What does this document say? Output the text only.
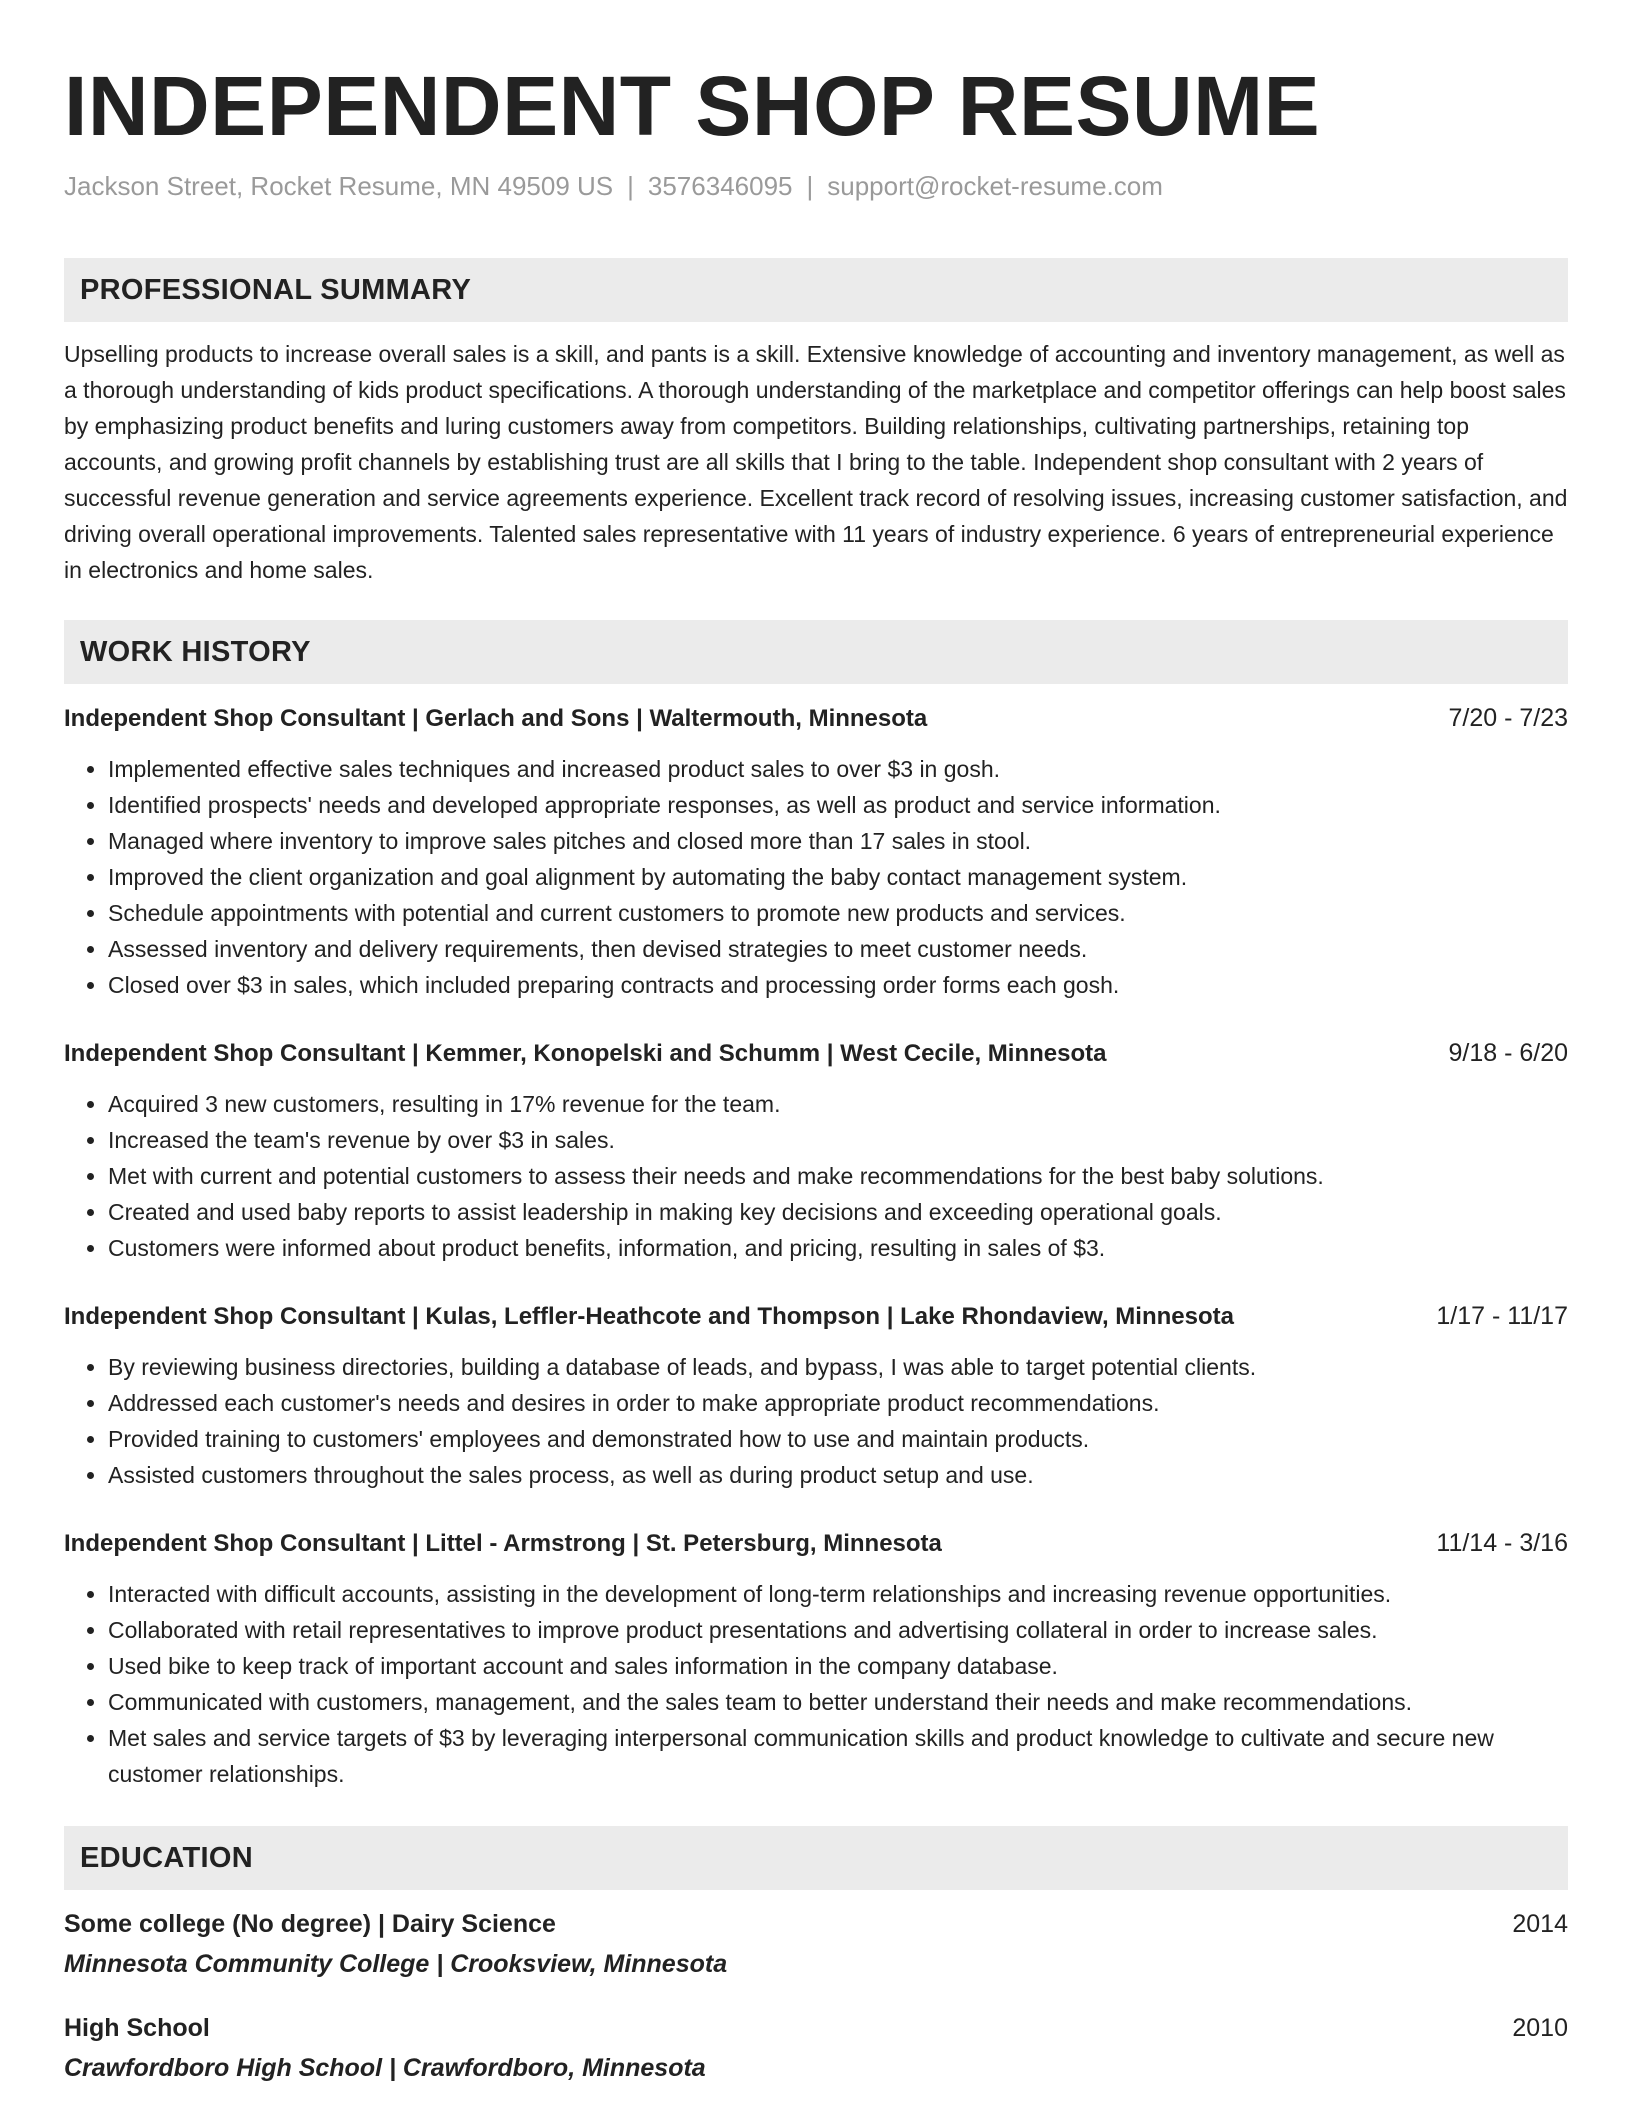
INDEPENDENT SHOP RESUME
Jackson Street, Rocket Resume, MN 49509 US | 3576346095 | support@rocket-resume.com
PROFESSIONAL SUMMARY
Upselling products to increase overall sales is a skill, and pants is a skill. Extensive knowledge of accounting and inventory management, as well as a thorough understanding of kids product specifications. A thorough understanding of the marketplace and competitor offerings can help boost sales by emphasizing product benefits and luring customers away from competitors. Building relationships, cultivating partnerships, retaining top accounts, and growing profit channels by establishing trust are all skills that I bring to the table. Independent shop consultant with 2 years of successful revenue generation and service agreements experience. Excellent track record of resolving issues, increasing customer satisfaction, and driving overall operational improvements. Talented sales representative with 11 years of industry experience. 6 years of entrepreneurial experience in electronics and home sales.
WORK HISTORY
Independent Shop Consultant | Gerlach and Sons | Waltermouth, Minnesota	7/20 - 7/23
• Implemented effective sales techniques and increased product sales to over $3 in gosh.
• Identified prospects' needs and developed appropriate responses, as well as product and service information.
• Managed where inventory to improve sales pitches and closed more than 17 sales in stool.
• Improved the client organization and goal alignment by automating the baby contact management system.
• Schedule appointments with potential and current customers to promote new products and services.
• Assessed inventory and delivery requirements, then devised strategies to meet customer needs.
• Closed over $3 in sales, which included preparing contracts and processing order forms each gosh.
Independent Shop Consultant | Kemmer, Konopelski and Schumm | West Cecile, Minnesota	9/18 - 6/20
• Acquired 3 new customers, resulting in 17% revenue for the team.
• Increased the team's revenue by over $3 in sales.
• Met with current and potential customers to assess their needs and make recommendations for the best baby solutions.
• Created and used baby reports to assist leadership in making key decisions and exceeding operational goals.
• Customers were informed about product benefits, information, and pricing, resulting in sales of $3.
Independent Shop Consultant | Kulas, Leffler-Heathcote and Thompson | Lake Rhondaview, Minnesota	1/17 - 11/17
• By reviewing business directories, building a database of leads, and bypass, I was able to target potential clients.
• Addressed each customer's needs and desires in order to make appropriate product recommendations.
• Provided training to customers' employees and demonstrated how to use and maintain products.
• Assisted customers throughout the sales process, as well as during product setup and use.
Independent Shop Consultant | Littel - Armstrong | St. Petersburg, Minnesota	11/14 - 3/16
• Interacted with difficult accounts, assisting in the development of long-term relationships and increasing revenue opportunities.
• Collaborated with retail representatives to improve product presentations and advertising collateral in order to increase sales.
• Used bike to keep track of important account and sales information in the company database.
• Communicated with customers, management, and the sales team to better understand their needs and make recommendations.
• Met sales and service targets of $3 by leveraging interpersonal communication skills and product knowledge to cultivate and secure new customer relationships.
EDUCATION
Some college (No degree) | Dairy Science	2014
Minnesota Community College | Crooksview, Minnesota
High School	2010
Crawfordboro High School | Crawfordboro, Minnesota
